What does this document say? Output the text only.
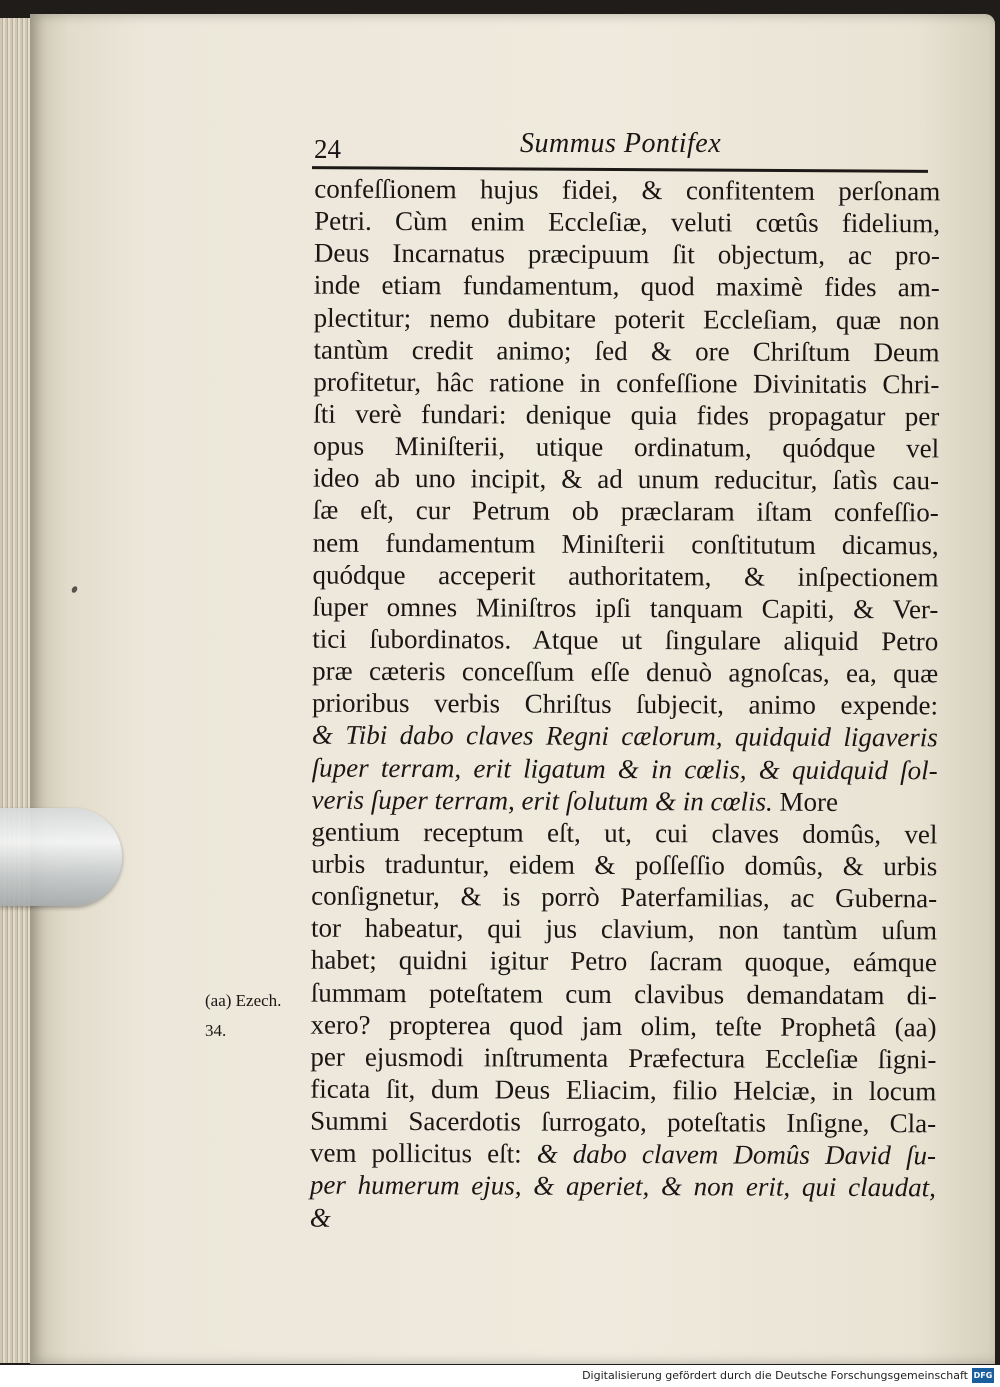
24	Summus Pontifex
confeſſionem hujus fidei, & confitentem perſonam
Petri. Cùm enim Eccleſiæ, veluti cœtûs fidelium,
Deus Incarnatus præcipuum ſit objectum, ac pro-
inde etiam fundamentum, quod maximè fides am-
plectitur; nemo dubitare poterit Eccleſiam, quæ non
tantùm credit animo; ſed & ore Chriſtum Deum
profitetur, hâc ratione in confeſſione Divinitatis Chri-
ſti verè fundari: denique quia fides propagatur per
opus Miniſterii, utique ordinatum, quódque vel
ideo ab uno incipit, & ad unum reducitur, ſatìs cau-
ſæ eſt, cur Petrum ob præclaram iſtam confeſſio-
nem fundamentum Miniſterii conſtitutum dicamus,
quódque acceperit authoritatem, & inſpectionem
ſuper omnes Miniſtros ipſi tanquam Capiti, & Ver-
tici ſubordinatos. Atque ut ſingulare aliquid Petro
præ cæteris conceſſum eſſe denuò agnoſcas, ea, quæ
prioribus verbis Chriſtus ſubjecit, animo expende:
& Tibi dabo claves Regni cælorum, quidquid ligaveris
ſuper terram, erit ligatum & in cœlis, & quidquid ſol-
veris ſuper terram, erit ſolutum & in cœlis. More
gentium receptum eſt, ut, cui claves domûs, vel
urbis traduntur, eidem & poſſeſſio domûs, & urbis
conſignetur, & is porrò Paterfamilias, ac Guberna-
tor habeatur, qui jus clavium, non tantùm uſum
habet; quidni igitur Petro ſacram quoque, eámque
ſummam poteſtatem cum clavibus demandatam di-
xero? propterea quod jam olim, teſte Prophetâ (aa)
per ejusmodi inſtrumenta Præfectura Eccleſiæ ſigni-
ficata ſit, dum Deus Eliacim, filio Helciæ, in locum
Summi Sacerdotis ſurrogato, poteſtatis Inſigne, Cla-
vem pollicitus eſt: & dabo clavem Domûs David ſu-
per humerum ejus, & aperiet, & non erit, qui claudat,
&
(aa) Ezech.
34.
Digitalisierung gefördert durch die Deutsche Forschungsgemeinschaft DFG
